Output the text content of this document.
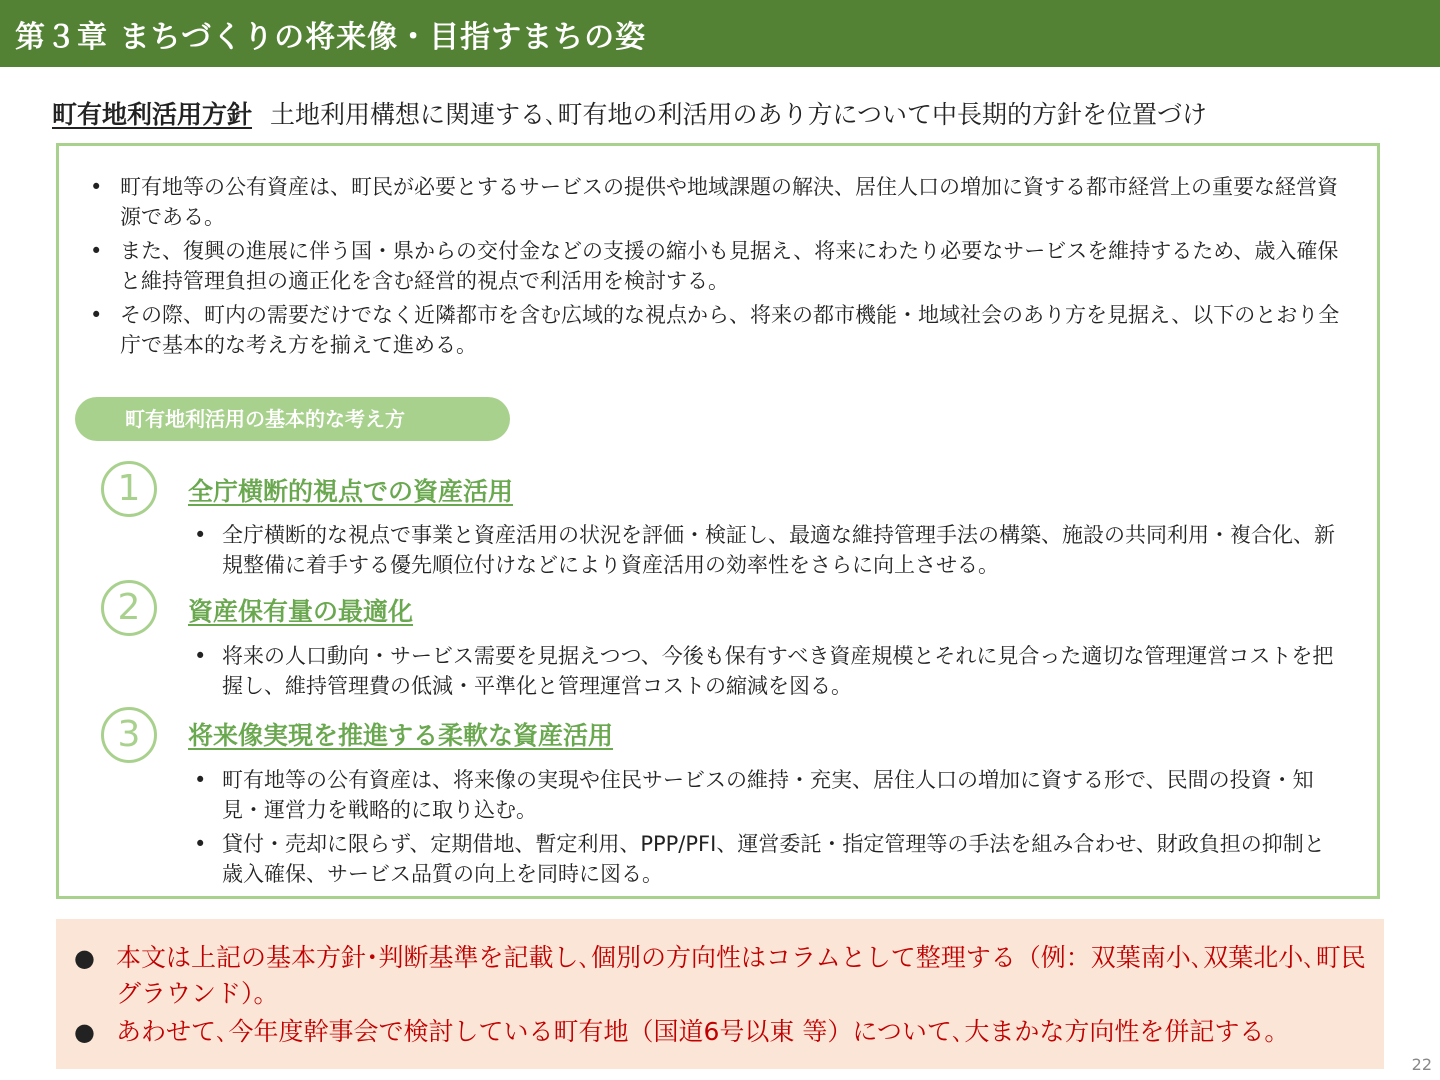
第３章 まちづくりの将来像・目指すまちの姿
町有地利活用方針 土地利用構想に関連する､町有地の利活用のあり方について中長期的方針を位置づけ
• 町有地等の公有資産は、町民が必要とするサービスの提供や地域課題の解決、居住人口の増加に資する都市経営上の重要な経営資源である。
• また、復興の進展に伴う国・県からの交付金などの支援の縮小も見据え、将来にわたり必要なサービスを維持するため、歳入確保と維持管理負担の適正化を含む経営的視点で利活用を検討する。
• その際、町内の需要だけでなく近隣都市を含む広域的な視点から、将来の都市機能・地域社会のあり方を見据え、以下のとおり全庁で基本的な考え方を揃えて進める。
町有地利活用の基本的な考え方
1	全庁横断的視点での資産活用
• 全庁横断的な視点で事業と資産活用の状況を評価・検証し、最適な維持管理手法の構築、施設の共同利用・複合化、新規整備に着手する優先順位付けなどにより資産活用の効率性をさらに向上させる。
2	資産保有量の最適化
• 将来の人口動向・サービス需要を見据えつつ、今後も保有すべき資産規模とそれに見合った適切な管理運営コストを把握し、維持管理費の低減・平準化と管理運営コストの縮減を図る。
3	将来像実現を推進する柔軟な資産活用
• 町有地等の公有資産は、将来像の実現や住民サービスの維持・充実、居住人口の増加に資する形で、民間の投資・知見・運営力を戦略的に取り込む。
• 貸付・売却に限らず、定期借地、暫定利用、PPP/PFI、運営委託・指定管理等の手法を組み合わせ、財政負担の抑制と歳入確保、サービス品質の向上を同時に図る。
● 本文は上記の基本方針･判断基準を記載し､個別の方向性はコラムとして整理する（例：双葉南小､双葉北小､町民グラウンド）。
● あわせて､今年度幹事会で検討している町有地（国道6号以東 等）について､大まかな方向性を併記する。
22
